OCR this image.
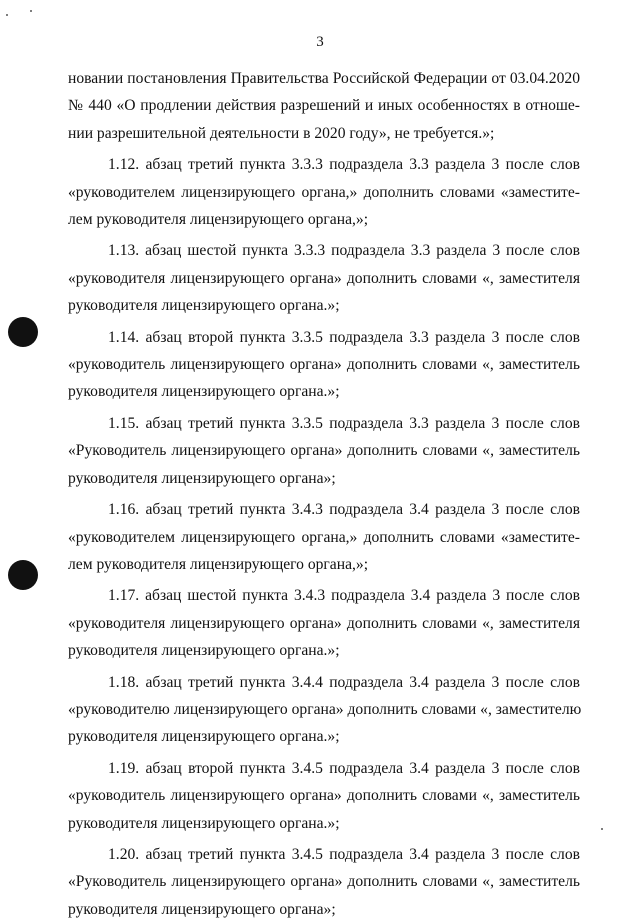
3
новании постановления Правительства Российской Федерации от 03.04.2020
№ 440 «О продлении действия разрешений и иных особенностях в отноше-
нии разрешительной деятельности в 2020 году», не требуется.»;
1.12. абзац третий пункта 3.3.3 подраздела 3.3 раздела 3 после слов
«руководителем лицензирующего органа,» дополнить словами «заместите-
лем руководителя лицензирующего органа,»;
1.13. абзац шестой пункта 3.3.3 подраздела 3.3 раздела 3 после слов
«руководителя лицензирующего органа» дополнить словами «, заместителя
руководителя лицензирующего органа.»;
1.14. абзац второй пункта 3.3.5 подраздела 3.3 раздела 3 после слов
«руководитель лицензирующего органа» дополнить словами «, заместитель
руководителя лицензирующего органа.»;
1.15. абзац третий пункта 3.3.5 подраздела 3.3 раздела 3 после слов
«Руководитель лицензирующего органа» дополнить словами «, заместитель
руководителя лицензирующего органа»;
1.16. абзац третий пункта 3.4.3 подраздела 3.4 раздела 3 после слов
«руководителем лицензирующего органа,» дополнить словами «заместите-
лем руководителя лицензирующего органа,»;
1.17. абзац шестой пункта 3.4.3 подраздела 3.4 раздела 3 после слов
«руководителя лицензирующего органа» дополнить словами «, заместителя
руководителя лицензирующего органа.»;
1.18. абзац третий пункта 3.4.4 подраздела 3.4 раздела 3 после слов
«руководителю лицензирующего органа» дополнить словами «, заместителю
руководителя лицензирующего органа.»;
1.19. абзац второй пункта 3.4.5 подраздела 3.4 раздела 3 после слов
«руководитель лицензирующего органа» дополнить словами «, заместитель
руководителя лицензирующего органа.»;
1.20. абзац третий пункта 3.4.5 подраздела 3.4 раздела 3 после слов
«Руководитель лицензирующего органа» дополнить словами «, заместитель
руководителя лицензирующего органа»;
